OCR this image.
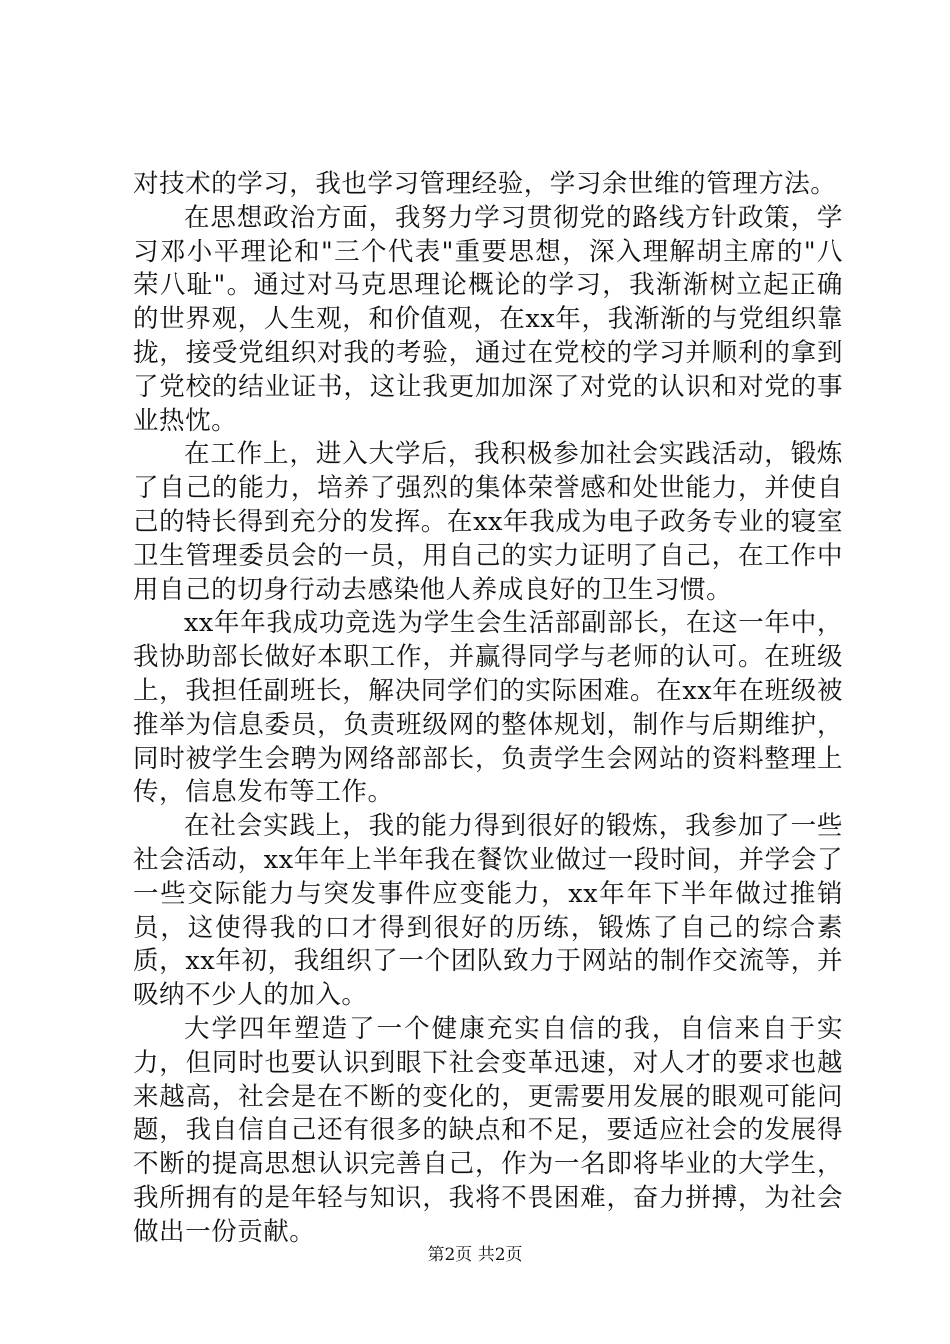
对技术的学习，我也学习管理经验，学习余世维的管理方法。

在思想政治方面，我努力学习贯彻党的路线方针政策，学习邓小平理论和"三个代表"重要思想，深入理解胡主席的"八荣八耻"。通过对马克思理论概论的学习，我渐渐树立起正确的世界观，人生观，和价值观，在xx年，我渐渐的与党组织靠拢，接受党组织对我的考验，通过在党校的学习并顺利的拿到了党校的结业证书，这让我更加加深了对党的认识和对党的事业热忱。

在工作上，进入大学后，我积极参加社会实践活动，锻炼了自己的能力，培养了强烈的集体荣誉感和处世能力，并使自己的特长得到充分的发挥。在xx年我成为电子政务专业的寝室卫生管理委员会的一员，用自己的实力证明了自己，在工作中用自己的切身行动去感染他人养成良好的卫生习惯。

xx年年我成功竞选为学生会生活部副部长，在这一年中，我协助部长做好本职工作，并赢得同学与老师的认可。在班级上，我担任副班长，解决同学们的实际困难。在xx年在班级被推举为信息委员，负责班级网的整体规划，制作与后期维护，同时被学生会聘为网络部部长，负责学生会网站的资料整理上传，信息发布等工作。

在社会实践上，我的能力得到很好的锻炼，我参加了一些社会活动，xx年年上半年我在餐饮业做过一段时间，并学会了一些交际能力与突发事件应变能力，xx年年下半年做过推销员，这使得我的口才得到很好的历练，锻炼了自己的综合素质，xx年初，我组织了一个团队致力于网站的制作交流等，并吸纳不少人的加入。

大学四年塑造了一个健康充实自信的我，自信来自于实力，但同时也要认识到眼下社会变革迅速，对人才的要求也越来越高，社会是在不断的变化的，更需要用发展的眼观可能问题，我自信自己还有很多的缺点和不足，要适应社会的发展得不断的提高思想认识完善自己，作为一名即将毕业的大学生，我所拥有的是年轻与知识，我将不畏困难，奋力拼搏，为社会做出一份贡献。

第2页 共2页
